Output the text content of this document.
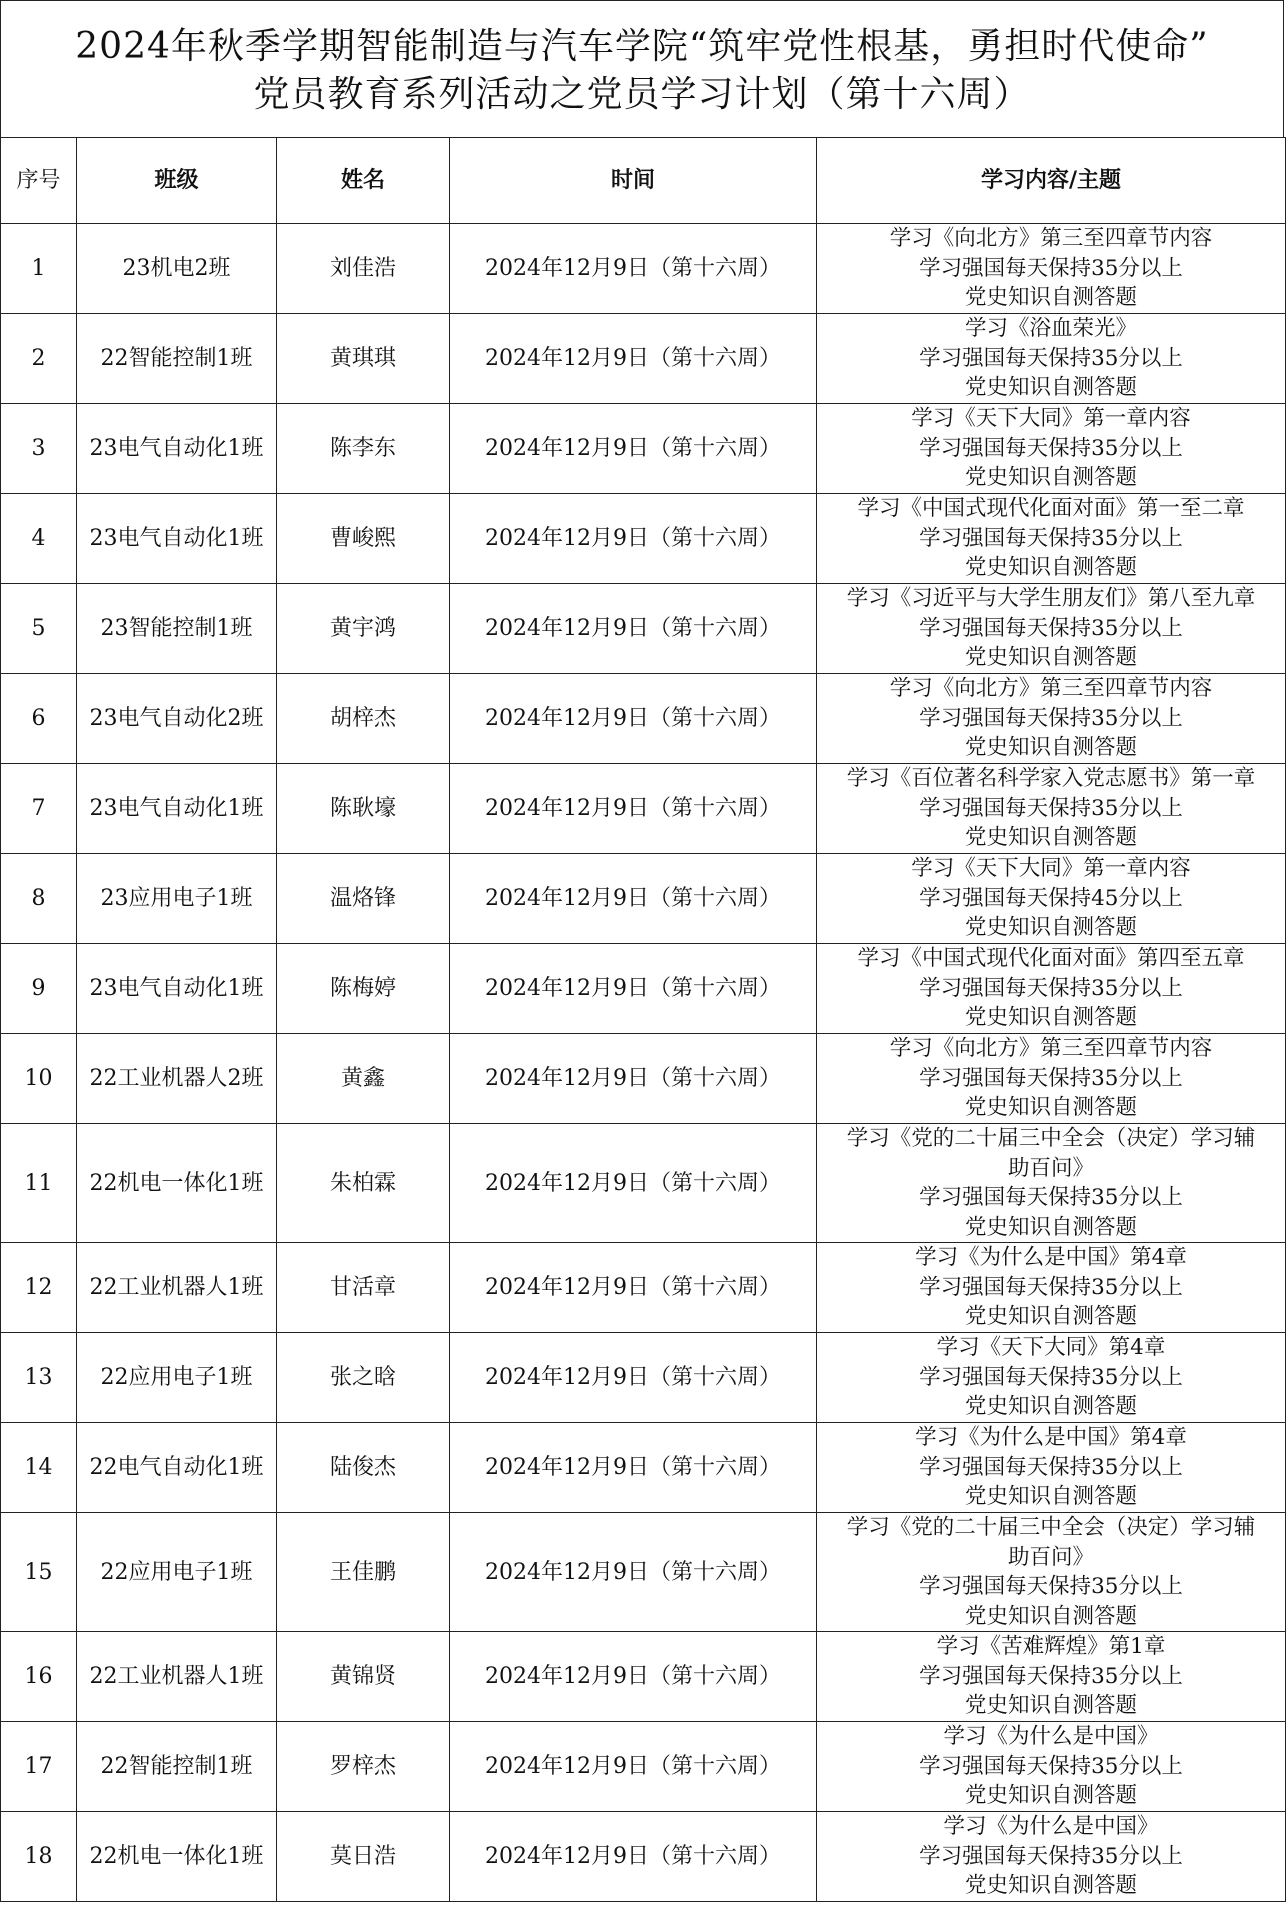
2024年秋季学期智能制造与汽车学院“筑牢党性根基，勇担时代使命”
党员教育系列活动之党员学习计划（第十六周）
序号	班级	姓名	时间	学习内容/主题
1	23机电2班	刘佳浩	2024年12月9日（第十六周）	学习《向北方》第三至四章节内容
学习强国每天保持35分以上
党史知识自测答题
2	22智能控制1班	黄琪琪	2024年12月9日（第十六周）	学习《浴血荣光》
学习强国每天保持35分以上
党史知识自测答题
3	23电气自动化1班	陈李东	2024年12月9日（第十六周）	学习《天下大同》第一章内容
学习强国每天保持35分以上
党史知识自测答题
4	23电气自动化1班	曹峻熙	2024年12月9日（第十六周）	学习《中国式现代化面对面》第一至二章
学习强国每天保持35分以上
党史知识自测答题
5	23智能控制1班	黄宇鸿	2024年12月9日（第十六周）	学习《习近平与大学生朋友们》第八至九章
学习强国每天保持35分以上
党史知识自测答题
6	23电气自动化2班	胡梓杰	2024年12月9日（第十六周）	学习《向北方》第三至四章节内容
学习强国每天保持35分以上
党史知识自测答题
7	23电气自动化1班	陈耿壕	2024年12月9日（第十六周）	学习《百位著名科学家入党志愿书》第一章
学习强国每天保持35分以上
党史知识自测答题
8	23应用电子1班	温烙锋	2024年12月9日（第十六周）	学习《天下大同》第一章内容
学习强国每天保持45分以上
党史知识自测答题
9	23电气自动化1班	陈梅婷	2024年12月9日（第十六周）	学习《中国式现代化面对面》第四至五章
学习强国每天保持35分以上
党史知识自测答题
10	22工业机器人2班	黄鑫	2024年12月9日（第十六周）	学习《向北方》第三至四章节内容
学习强国每天保持35分以上
党史知识自测答题
11	22机电一体化1班	朱柏霖	2024年12月9日（第十六周）	学习《党的二十届三中全会（决定）学习辅
助百问》
学习强国每天保持35分以上
党史知识自测答题
12	22工业机器人1班	甘活章	2024年12月9日（第十六周）	学习《为什么是中国》第4章
学习强国每天保持35分以上
党史知识自测答题
13	22应用电子1班	张之晗	2024年12月9日（第十六周）	学习《天下大同》第4章
学习强国每天保持35分以上
党史知识自测答题
14	22电气自动化1班	陆俊杰	2024年12月9日（第十六周）	学习《为什么是中国》第4章
学习强国每天保持35分以上
党史知识自测答题
15	22应用电子1班	王佳鹏	2024年12月9日（第十六周）	学习《党的二十届三中全会（决定）学习辅
助百问》
学习强国每天保持35分以上
党史知识自测答题
16	22工业机器人1班	黄锦贤	2024年12月9日（第十六周）	学习《苦难辉煌》第1章
学习强国每天保持35分以上
党史知识自测答题
17	22智能控制1班	罗梓杰	2024年12月9日（第十六周）	学习《为什么是中国》
学习强国每天保持35分以上
党史知识自测答题
18	22机电一体化1班	莫日浩	2024年12月9日（第十六周）	学习《为什么是中国》
学习强国每天保持35分以上
党史知识自测答题
